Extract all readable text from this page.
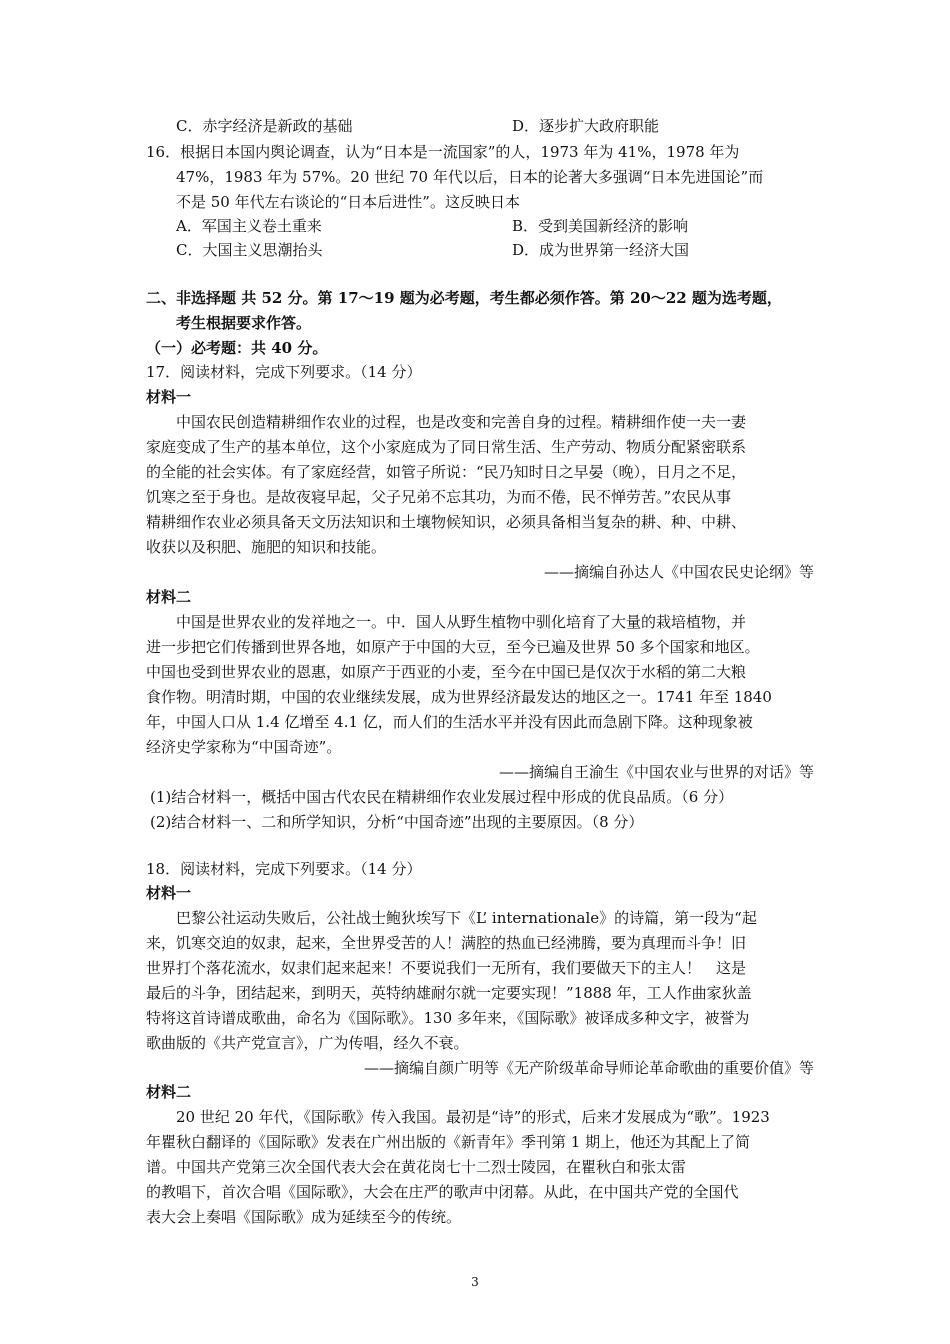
C．赤字经济是新政的基础	D．逐步扩大政府职能
16．根据日本国内舆论调查，认为“日本是一流国家”的人，1973 年为 41%，1978 年为
47%，1983 年为 57%。20 世纪 70 年代以后，日本的论著大多强调“日本先进国论”而
不是 50 年代左右谈论的“日本后进性”。这反映日本
A．军国主义卷土重来	B．受到美国新经济的影响
C．大国主义思潮抬头	D．成为世界第一经济大国
二、非选择题 共 52 分。第 17～19 题为必考题，考生都必须作答。第 20～22 题为选考题，
考生根据要求作答。
（一）必考题：共 40 分。
17．阅读材料，完成下列要求。（14 分）
材料一
中国农民创造精耕细作农业的过程，也是改变和完善自身的过程。精耕细作使一夫一妻
家庭变成了生产的基本单位，这个小家庭成为了同日常生活、生产劳动、物质分配紧密联系
的全能的社会实体。有了家庭经营，如管子所说：“民乃知时日之早晏（晚），日月之不足，
饥寒之至于身也。是故夜寝早起，父子兄弟不忘其功，为而不倦，民不惮劳苦。”农民从事
精耕细作农业必须具备天文历法知识和土壤物候知识，必须具备相当复杂的耕、种、中耕、
收获以及积肥、施肥的知识和技能。
——摘编自孙达人《中国农民史论纲》等
材料二
中国是世界农业的发祥地之一。中．国人从野生植物中驯化培育了大量的栽培植物，并
进一步把它们传播到世界各地，如原产于中国的大豆，至今已遍及世界 50 多个国家和地区。
中国也受到世界农业的恩惠，如原产于西亚的小麦，至今在中国已是仅次于水稻的第二大粮
食作物。明清时期，中国的农业继续发展，成为世界经济最发达的地区之一。1741 年至 1840
年，中国人口从 1.4 亿增至 4.1 亿，而人们的生活水平并没有因此而急剧下降。这种现象被
经济史学家称为“中国奇迹”。
——摘编自王渝生《中国农业与世界的对话》等
(1)结合材料一，概括中国古代农民在精耕细作农业发展过程中形成的优良品质。（6 分）
(2)结合材料一、二和所学知识，分析“中国奇迹”出现的主要原因。（8 分）
18．阅读材料，完成下列要求。（14 分）
材料一
巴黎公社运动失败后，公社战士鲍狄埃写下《L’ internationale》的诗篇，第一段为“起
来，饥寒交迫的奴隶，起来，全世界受苦的人！满腔的热血已经沸腾，要为真理而斗争！旧
世界打个落花流水，奴隶们起来起来！不要说我们一无所有，我们要做天下的主人！　这是
最后的斗争，团结起来，到明天，英特纳雄耐尔就一定要实现！”1888 年，工人作曲家狄盖
特将这首诗谱成歌曲，命名为《国际歌》。130 多年来，《国际歌》被译成多种文字，被誉为
歌曲版的《共产党宣言》，广为传唱，经久不衰。
——摘编自颜广明等《无产阶级革命导师论革命歌曲的重要价值》等
材料二
20 世纪 20 年代，《国际歌》传入我国。最初是“诗”的形式，后来才发展成为“歌”。1923
年瞿秋白翻译的《国际歌》发表在广州出版的《新青年》季刊第 1 期上，他还为其配上了简
谱。中国共产党第三次全国代表大会在黄花岗七十二烈士陵园，在瞿秋白和张太雷
的教唱下，首次合唱《国际歌》，大会在庄严的歌声中闭幕。从此，在中国共产党的全国代
表大会上奏唱《国际歌》成为延续至今的传统。
3
